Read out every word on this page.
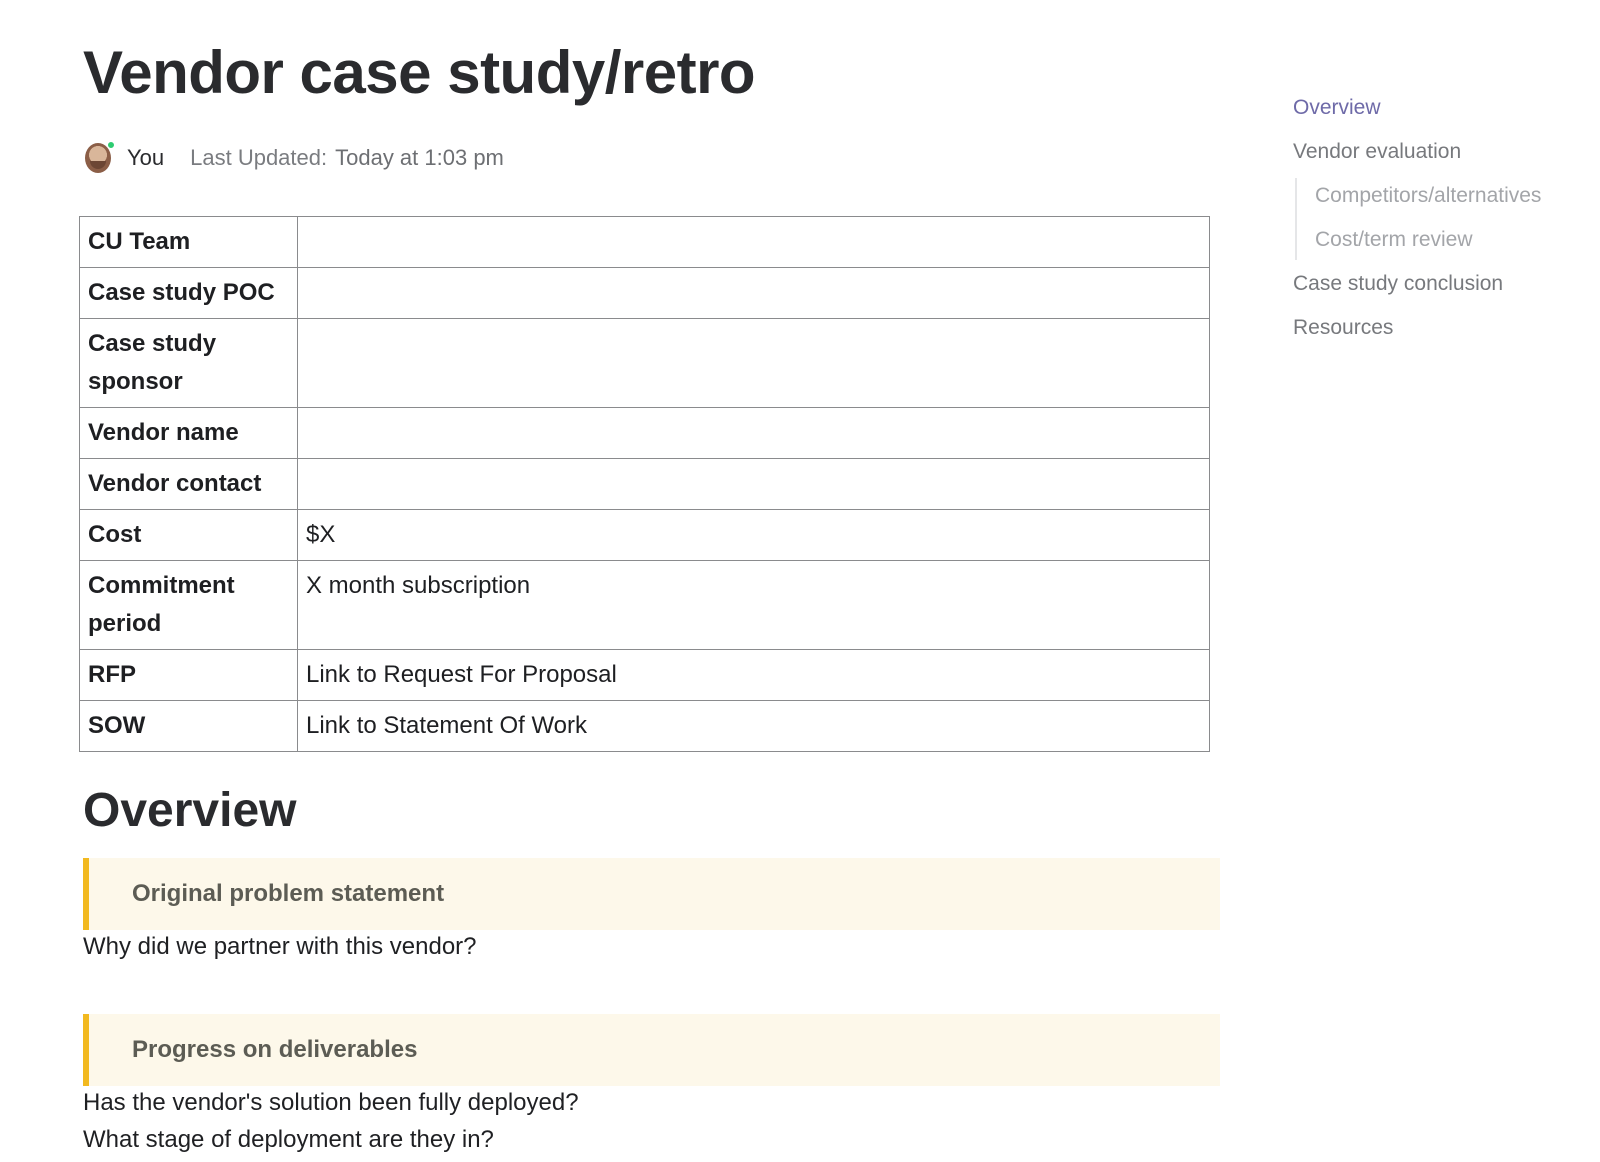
Vendor case study/retro
You Last Updated: Today at 1:03 pm
CU Team	
Case study POC	
Case study sponsor	
Vendor name	
Vendor contact	
Cost	$X
Commitment period	X month subscription
RFP	Link to Request For Proposal
SOW	Link to Statement Of Work
Overview
Original problem statement
Why did we partner with this vendor?
Progress on deliverables
Has the vendor's solution been fully deployed?
What stage of deployment are they in?
Overview
Vendor evaluation
Competitors/alternatives
Cost/term review
Case study conclusion
Resources
